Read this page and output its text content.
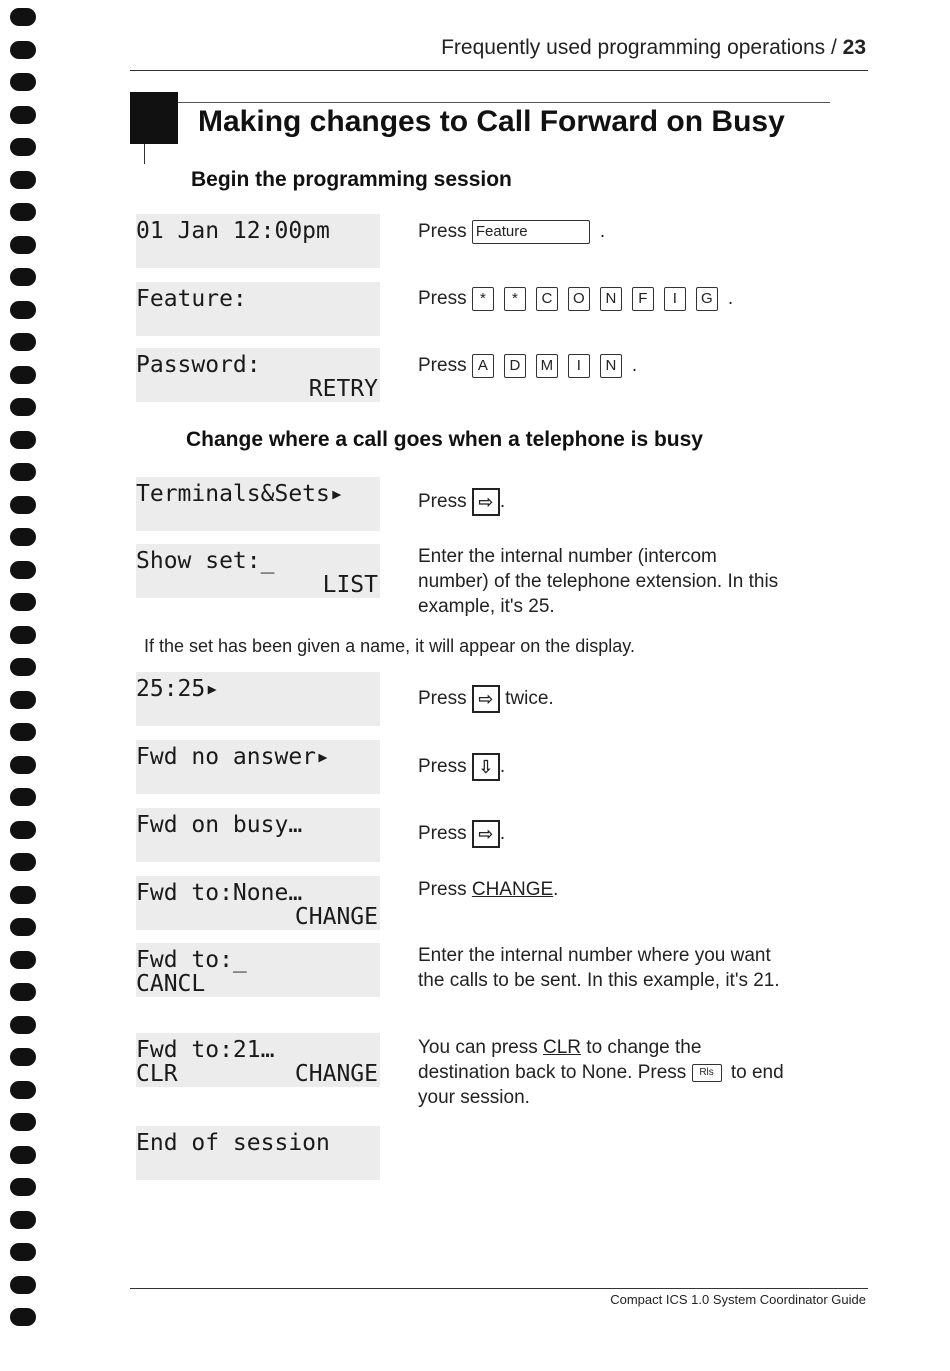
Frequently used programming operations / 23
Making changes to Call Forward on Busy
Begin the programming session
01 Jan 12:00pm
Feature:
Password:
RETRY
Press Feature	.
Press * * C O N F I G .
Press A D M I N .
Change where a call goes when a telephone is busy
Terminals&Sets▸
Show set:_
LIST
Press ⇨ .
Enter the internal number (intercom number) of the telephone extension. In this example, it's 25.
If the set has been given a name, it will appear on the display.
25:25▸
Fwd no answer▸
Fwd on busy…
Fwd to:None…
CHANGE
Fwd to:_
CANCL
Fwd to:21…
CLR	CHANGE
End of session
Press ⇨ twice.
Press ⇩ .
Press ⇨ .
Press CHANGE.
Enter the internal number where you want the calls to be sent. In this example, it's 21.
You can press CLR to change the destination back to None. Press Rls to end your session.
Compact ICS 1.0 System Coordinator Guide
